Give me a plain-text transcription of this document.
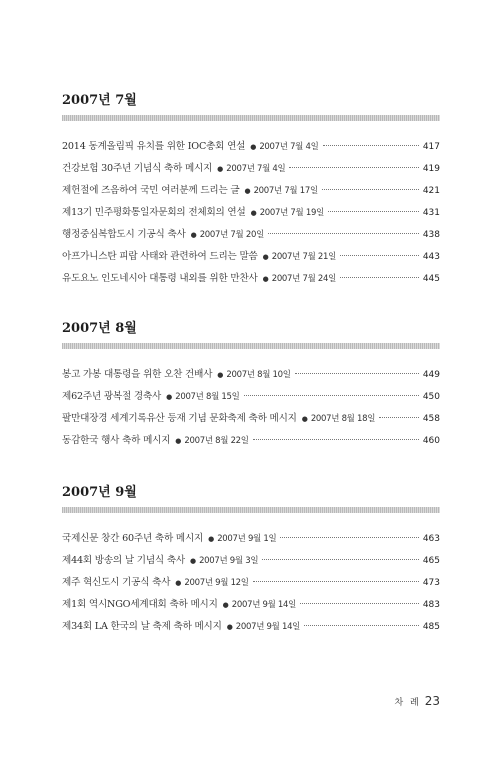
2007년 7월
2014 동계올림픽 유치를 위한 IOC총회 연설 ● 2007년 7월 4일	417
건강보험 30주년 기념식 축하 메시지 ● 2007년 7월 4일	419
제헌절에 즈음하여 국민 여러분께 드리는 글 ● 2007년 7월 17일	421
제13기 민주평화통일자문회의 전체회의 연설 ● 2007년 7월 19일	431
행정중심복합도시 기공식 축사 ● 2007년 7월 20일	438
아프가니스탄 피랍 사태와 관련하여 드리는 말씀 ● 2007년 7월 21일	443
유도요노 인도네시아 대통령 내외를 위한 만찬사 ● 2007년 7월 24일	445
2007년 8월
봉고 가봉 대통령을 위한 오찬 건배사 ● 2007년 8월 10일	449
제62주년 광복절 경축사 ● 2007년 8월 15일	450
팔만대장경 세계기록유산 등재 기념 문화축제 축하 메시지 ● 2007년 8월 18일	458
동감한국 행사 축하 메시지 ● 2007년 8월 22일	460
2007년 9월
국제신문 창간 60주년 축하 메시지 ● 2007년 9월 1일	463
제44회 방송의 날 기념식 축사 ● 2007년 9월 3일	465
제주 혁신도시 기공식 축사 ● 2007년 9월 12일	473
제1회 역시NGO세계대회 축하 메시지 ● 2007년 9월 14일	483
제34회 LA 한국의 날 축제 축하 메시지 ● 2007년 9월 14일	485
차 례 23
